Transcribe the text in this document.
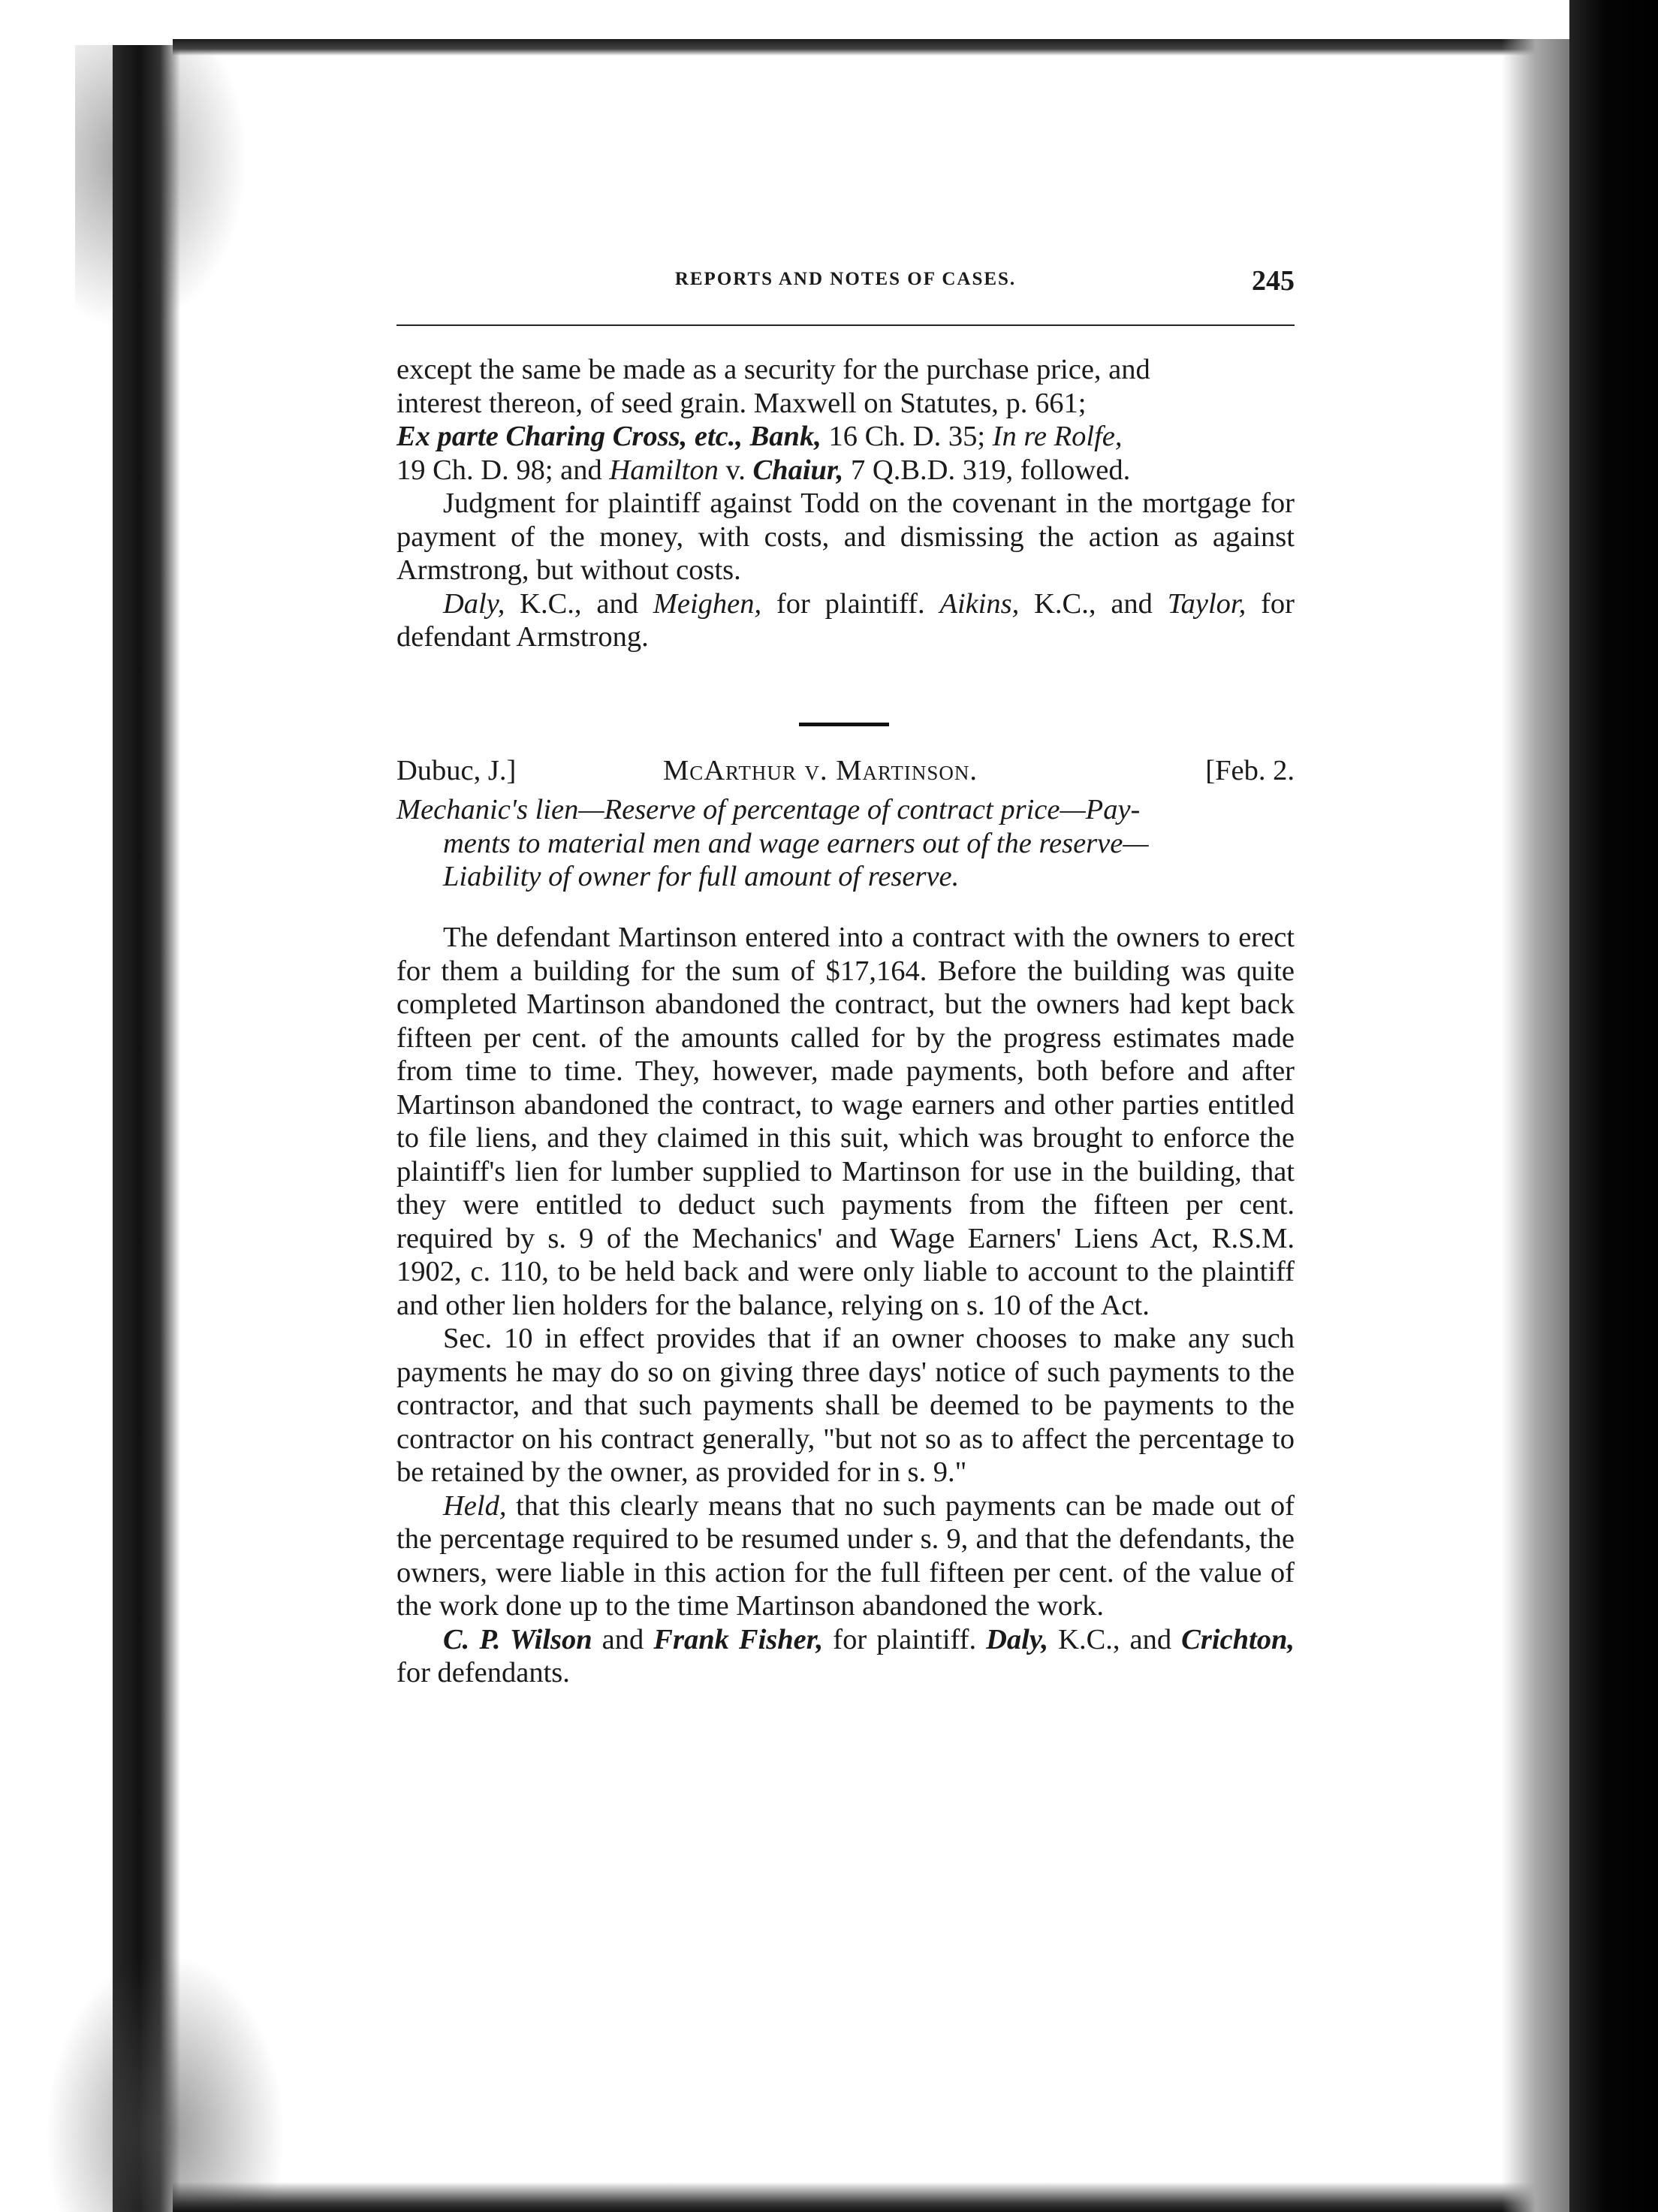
REPORTS AND NOTES OF CASES.	245

except the same be made as a security for the purchase price, and
interest thereon, of seed grain. Maxwell on Statutes, p. 661;
Ex parte Charing Cross, etc., Bank, 16 Ch. D. 35; In re Rolfe,
19 Ch. D. 98; and Hamilton v. Chaiur, 7 Q.B.D. 319, followed.

Judgment for plaintiff against Todd on the covenant in the mortgage for payment of the money, with costs, and dismissing the action as against Armstrong, but without costs.

Daly, K.C., and Meighen, for plaintiff. Aikins, K.C., and Taylor, for defendant Armstrong.

Dubuc, J.]	McArthur v. Martinson.	[Feb. 2.
Mechanic's lien—Reserve of percentage of contract price—Pay-
ments to material men and wage earners out of the reserve—
Liability of owner for full amount of reserve.

The defendant Martinson entered into a contract with the owners to erect for them a building for the sum of $17,164. Before the building was quite completed Martinson abandoned the contract, but the owners had kept back fifteen per cent. of the amounts called for by the progress estimates made from time to time. They, however, made payments, both before and after Martinson abandoned the contract, to wage earners and other parties entitled to file liens, and they claimed in this suit, which was brought to enforce the plaintiff's lien for lumber supplied to Martinson for use in the building, that they were entitled to deduct such payments from the fifteen per cent. required by s. 9 of the Mechanics' and Wage Earners' Liens Act, R.S.M. 1902, c. 110, to be held back and were only liable to account to the plaintiff and other lien holders for the balance, relying on s. 10 of the Act.

Sec. 10 in effect provides that if an owner chooses to make any such payments he may do so on giving three days' notice of such payments to the contractor, and that such payments shall be deemed to be payments to the contractor on his contract generally, "but not so as to affect the percentage to be retained by the owner, as provided for in s. 9."

Held, that this clearly means that no such payments can be made out of the percentage required to be resumed under s. 9, and that the defendants, the owners, were liable in this action for the full fifteen per cent. of the value of the work done up to the time Martinson abandoned the work.

C. P. Wilson and Frank Fisher, for plaintiff. Daly, K.C., and Crichton, for defendants.
